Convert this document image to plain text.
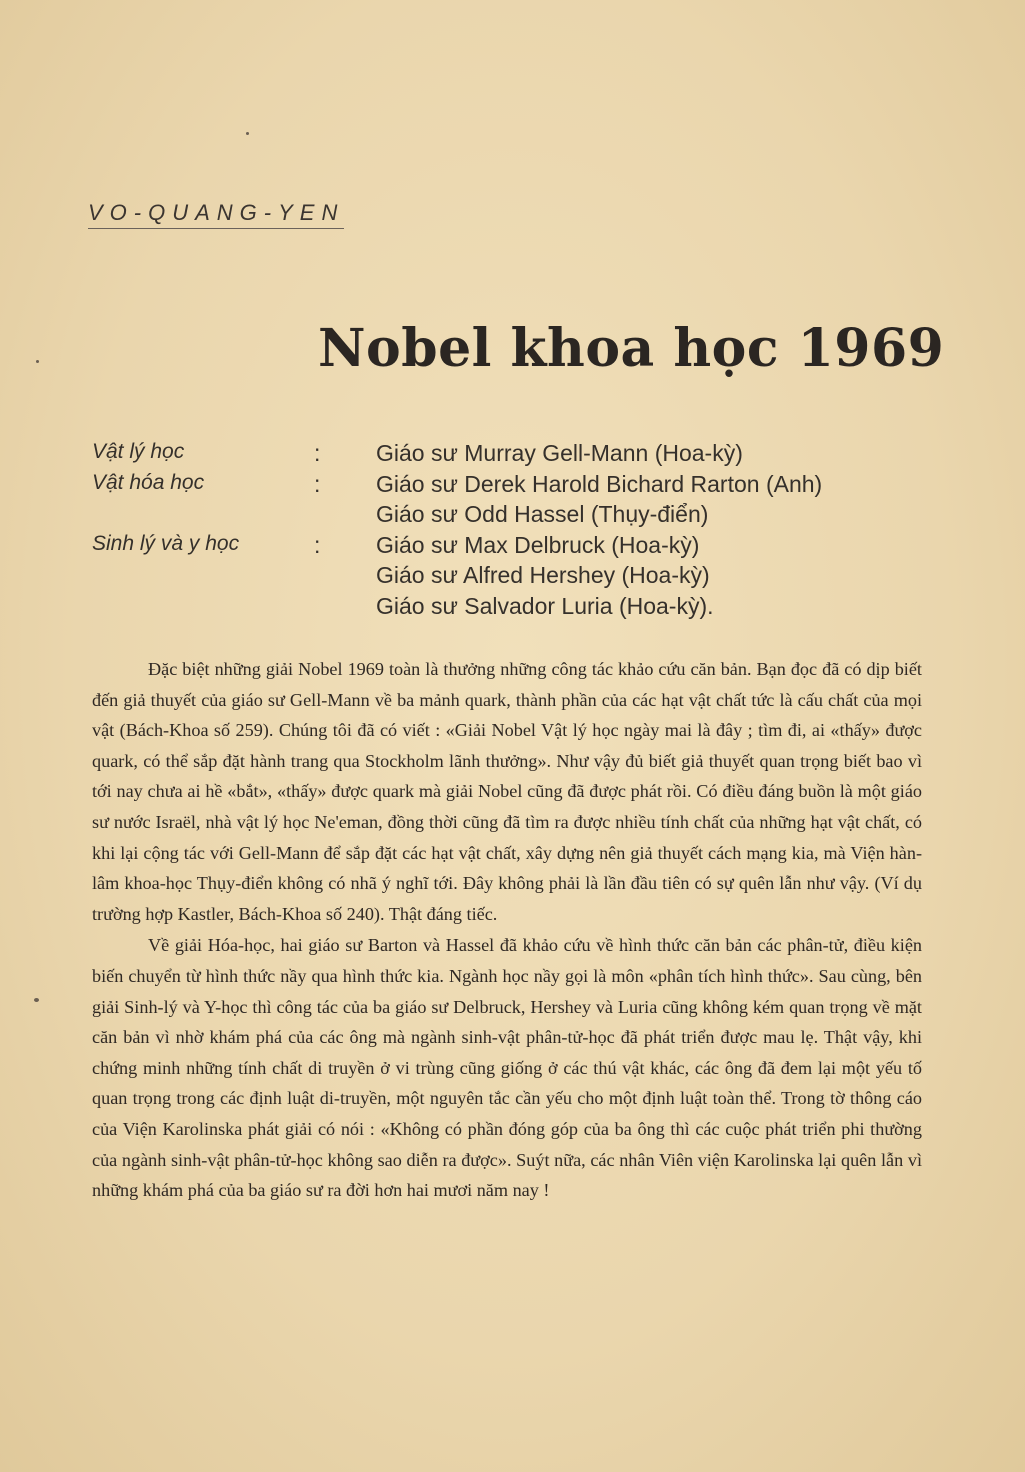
VO-QUANG-YEN
Nobel khoa học 1969
Vật lý học	: Giáo sư Murray Gell-Mann (Hoa-kỳ)
Vật hóa học	: Giáo sư Derek Harold Bichard Rarton (Anh)
Giáo sư Odd Hassel (Thụy-điển)
Sinh lý và y học	: Giáo sư Max Delbruck (Hoa-kỳ)
Giáo sư Alfred Hershey (Hoa-kỳ)
Giáo sư Salvador Luria (Hoa-kỳ).

Đặc biệt những giải Nobel 1969 toàn là thưởng những công tác khảo cứu căn bản. Bạn đọc đã có dịp biết đến giả thuyết của giáo sư Gell-Mann về ba mảnh quark, thành phần của các hạt vật chất tức là cấu chất của mọi vật (Bách-Khoa số 259). Chúng tôi đã có viết : «Giải Nobel Vật lý học ngày mai là đây ; tìm đi, ai «thấy» được quark, có thể sắp đặt hành trang qua Stockholm lãnh thưởng». Như vậy đủ biết giả thuyết quan trọng biết bao vì tới nay chưa ai hề «bắt», «thấy» được quark mà giải Nobel cũng đã được phát rồi. Có điều đáng buồn là một giáo sư nước Israël, nhà vật lý học Ne'eman, đồng thời cũng đã tìm ra được nhiều tính chất của những hạt vật chất, có khi lại cộng tác với Gell-Mann để sắp đặt các hạt vật chất, xây dựng nên giả thuyết cách mạng kia, mà Viện hàn-lâm khoa-học Thụy-điển không có nhã ý nghĩ tới. Đây không phải là lần đầu tiên có sự quên lẫn như vậy. (Ví dụ trường hợp Kastler, Bách-Khoa số 240). Thật đáng tiếc.

Về giải Hóa-học, hai giáo sư Barton và Hassel đã khảo cứu về hình thức căn bản các phân-tử, điều kiện biến chuyển từ hình thức nầy qua hình thức kia. Ngành học nầy gọi là môn «phân tích hình thức». Sau cùng, bên giải Sinh-lý và Y-học thì công tác của ba giáo sư Delbruck, Hershey và Luria cũng không kém quan trọng về mặt căn bản vì nhờ khám phá của các ông mà ngành sinh-vật phân-tử-học đã phát triển được mau lẹ. Thật vậy, khi chứng minh những tính chất di truyền ở vi trùng cũng giống ở các thú vật khác, các ông đã đem lại một yếu tố quan trọng trong các định luật di-truyền, một nguyên tắc cần yếu cho một định luật toàn thể. Trong tờ thông cáo của Viện Karolinska phát giải có nói : «Không có phần đóng góp của ba ông thì các cuộc phát triển phi thường của ngành sinh-vật phân-tử-học không sao diễn ra được». Suýt nữa, các nhân Viên viện Karolinska lại quên lẫn vì những khám phá của ba giáo sư ra đời hơn hai mươi năm nay !
